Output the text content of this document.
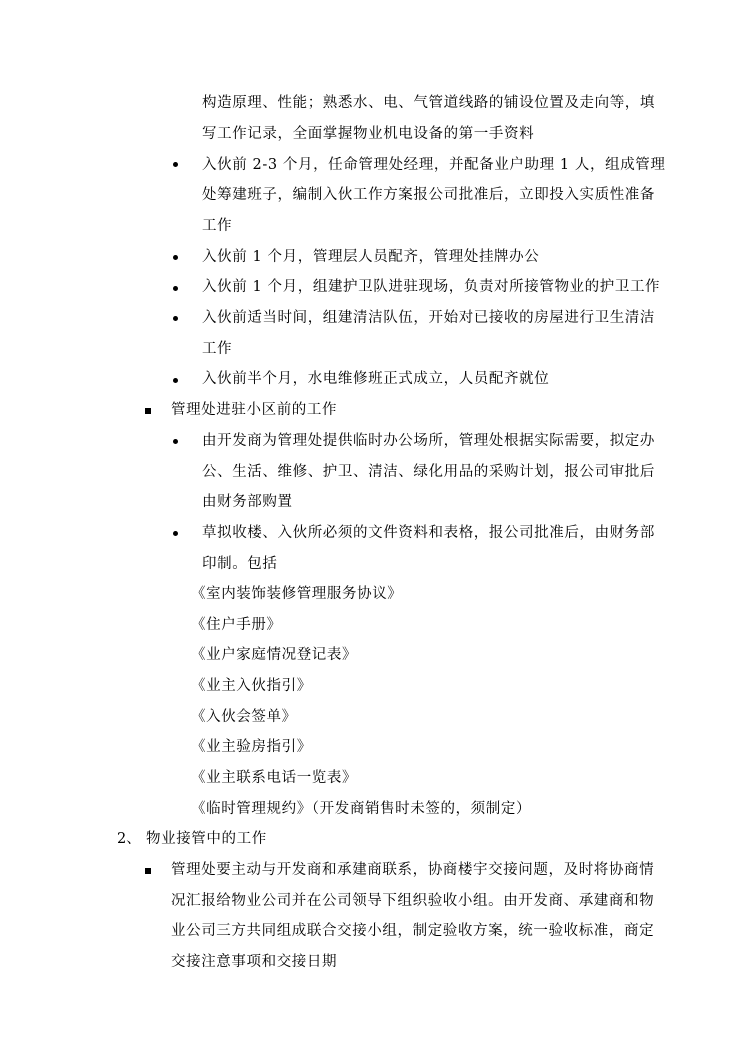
构造原理、性能；熟悉水、电、气管道线路的铺设位置及走向等，填
写工作记录，全面掌握物业机电设备的第一手资料
入伙前 2-3 个月，任命管理处经理，并配备业户助理 1 人，组成管理
处筹建班子，编制入伙工作方案报公司批准后，立即投入实质性准备
工作
入伙前 1 个月，管理层人员配齐，管理处挂牌办公
入伙前 1 个月，组建护卫队进驻现场，负责对所接管物业的护卫工作
入伙前适当时间，组建清洁队伍，开始对已接收的房屋进行卫生清洁
工作
入伙前半个月，水电维修班正式成立，人员配齐就位
管理处进驻小区前的工作
由开发商为管理处提供临时办公场所，管理处根据实际需要，拟定办
公、生活、维修、护卫、清洁、绿化用品的采购计划，报公司审批后
由财务部购置
草拟收楼、入伙所必须的文件资料和表格，报公司批准后，由财务部
印制。包括
《室内装饰装修管理服务协议》
《住户手册》
《业户家庭情况登记表》
《业主入伙指引》
《入伙会签单》
《业主验房指引》
《业主联系电话一览表》
《临时管理规约》（开发商销售时未签的，须制定）
2、 物业接管中的工作
管理处要主动与开发商和承建商联系，协商楼宇交接问题，及时将协商情
况汇报给物业公司并在公司领导下组织验收小组。由开发商、承建商和物
业公司三方共同组成联合交接小组，制定验收方案，统一验收标准，商定
交接注意事项和交接日期
